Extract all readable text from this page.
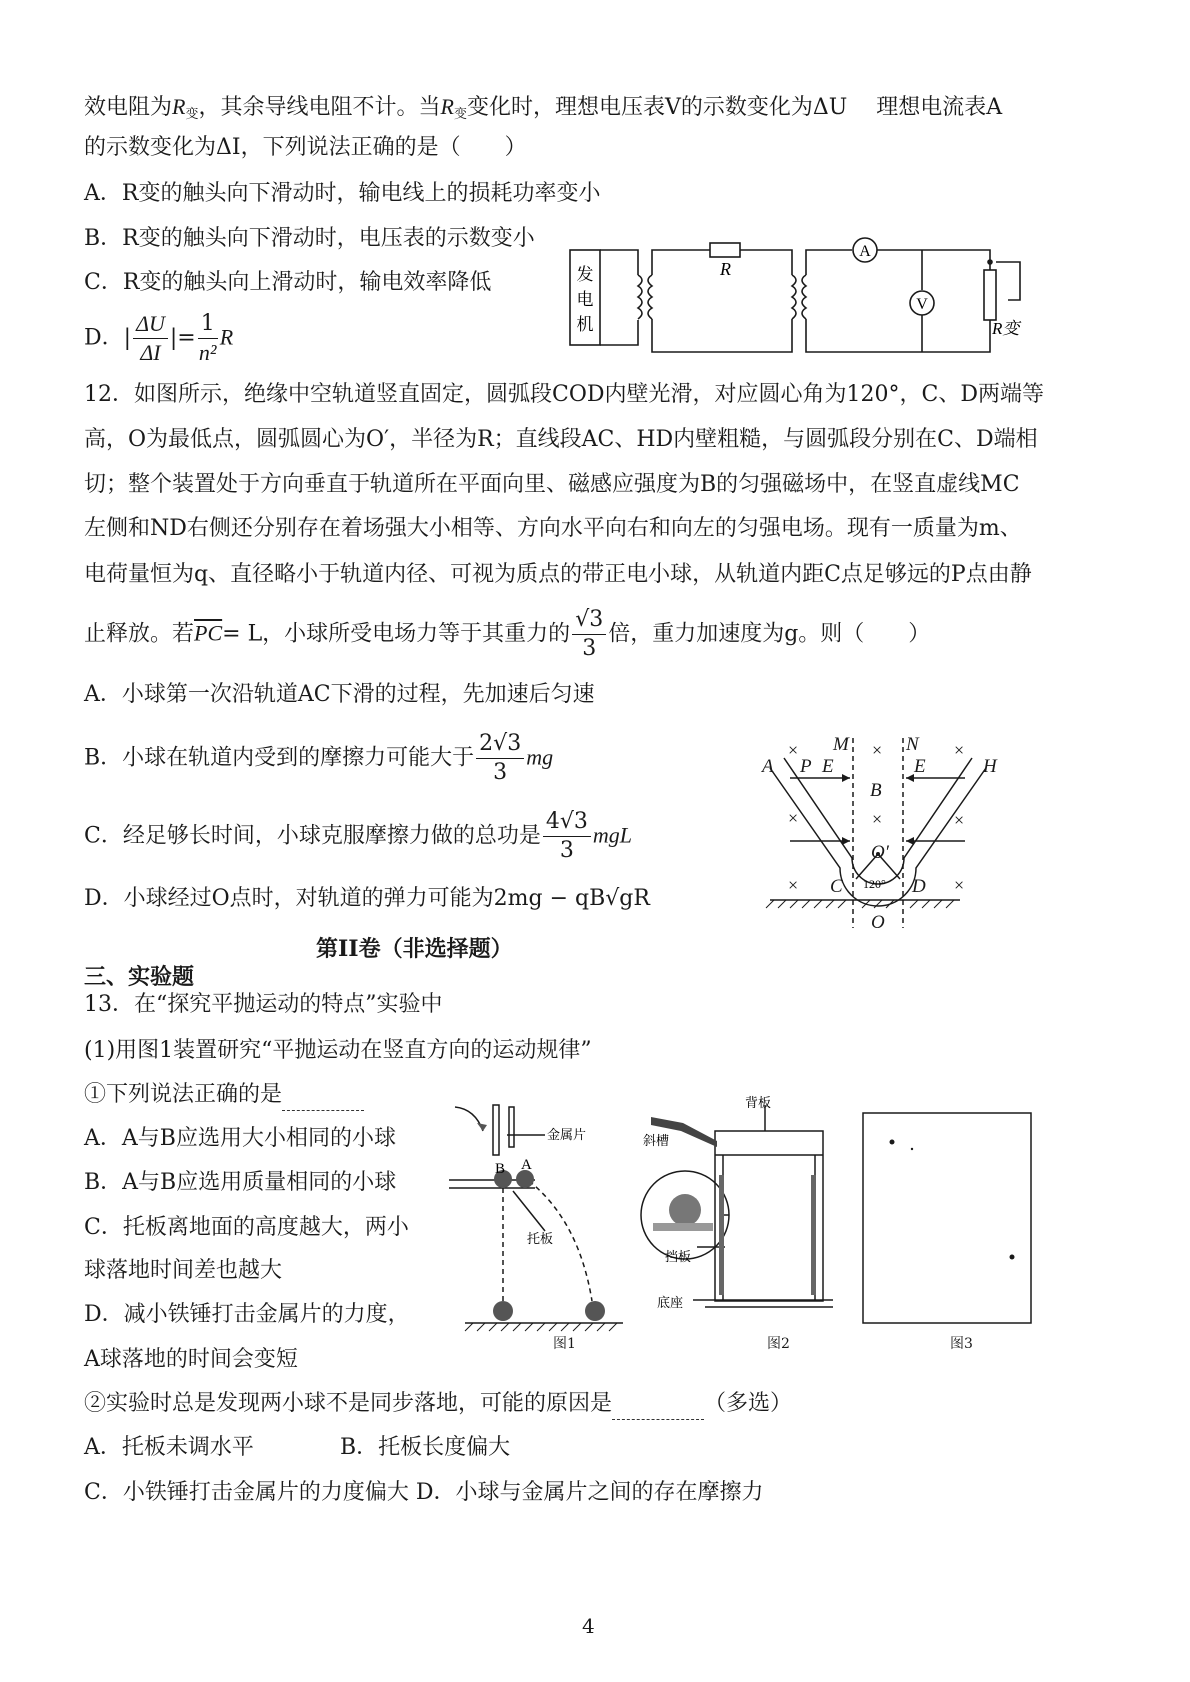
效电阻为$R_变$，其余导线电阻不计。当$R_变$变化时，理想电压表V的示数变化为ΔU　 理想电流表A
的示数变化为ΔI，下列说法正确的是（　　）
A．R变的触头向下滑动时，输电线上的损耗功率变小
B．R变的触头向下滑动时，电压表的示数变小
C．R变的触头向上滑动时，输电效率降低
D．| $\frac{\Delta U}{\Delta I}$ |= $\frac{1}{\text{n²}}$ R
发
电
机
R
A
V
R变
12．如图所示，绝缘中空轨道竖直固定，圆弧段COD内壁光滑，对应圆心角为120°，C、D两端等
高，O为最低点，圆弧圆心为O′，半径为R；直线段AC、HD内壁粗糙，与圆弧段分别在C、D端相
切；整个装置处于方向垂直于轨道所在平面向里、磁感应强度为B的匀强磁场中，在竖直虚线MC
左侧和ND右侧还分别存在着场强大小相等、方向水平向右和向左的匀强电场。现有一质量为m、
电荷量恒为q、直径略小于轨道内径、可视为质点的带正电小球，从轨道内距C点足够远的P点由静
止释放。若$\overline{PC}= L$，小球所受电场力等于其重力的 $\frac{√3}{3}$ 倍，重力加速度为g。则（　　）
A．小球第一次沿轨道AC下滑的过程，先加速后匀速
B．小球在轨道内受到的摩擦力可能大于 $\frac{2√3}{3}$ mg
C．经足够长时间，小球克服摩擦力做的总功是 $\frac{4√3}{3}$ mgL
D．小球经过O点时，对轨道的弹力可能为2mg − qB√gR
A P E
M	N
E	H
B
O′
C	D
O
120°
×	×	×
×	×	×
×	×
第II卷（非选择题）
三、实验题
13．在“探究平抛运动的特点”实验中
(1)用图1装置研究“平抛运动在竖直方向的运动规律”
①下列说法正确的是
A．A与B应选用大小相同的小球
B．A与B应选用质量相同的小球
C．托板离地面的高度越大，两小
球落地时间差也越大
D．减小铁锤打击金属片的力度，
A球落地的时间会变短
②实验时总是发现两小球不是同步落地，可能的原因是	（多选）
A．托板未调水平	B．托板长度偏大
C．小铁锤打击金属片的力度偏大 D．小球与金属片之间的存在摩擦力
B A
金属片
托板
图1
背板
斜槽
挡板
底座
图2	图3
4
